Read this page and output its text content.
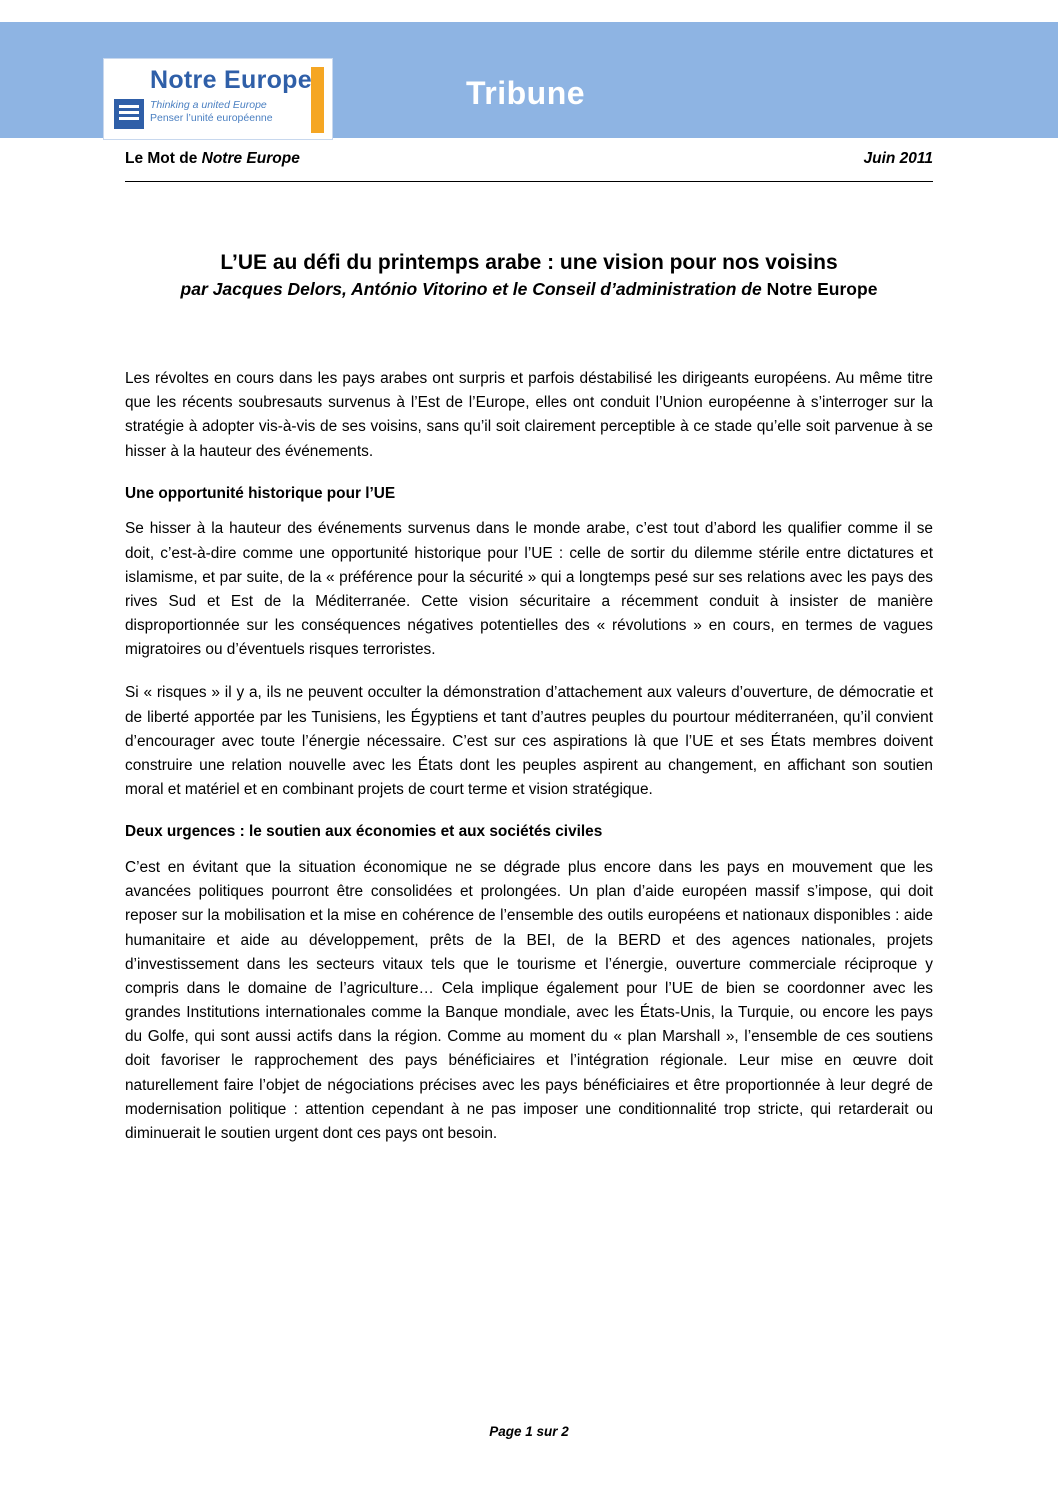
Notre Europe
Thinking a united Europe
Penser l’unité européenne
Tribune
Le Mot de Notre Europe	Juin 2011
L’UE au défi du printemps arabe : une vision pour nos voisins
par Jacques Delors, António Vitorino et le Conseil d’administration de Notre Europe

Les révoltes en cours dans les pays arabes ont surpris et parfois déstabilisé les dirigeants européens. Au même titre que les récents soubresauts survenus à l’Est de l’Europe, elles ont conduit l’Union européenne à s’interroger sur la stratégie à adopter vis-à-vis de ses voisins, sans qu’il soit clairement perceptible à ce stade qu’elle soit parvenue à se hisser à la hauteur des événements.

Une opportunité historique pour l’UE

Se hisser à la hauteur des événements survenus dans le monde arabe, c’est tout d’abord les qualifier comme il se doit, c’est-à-dire comme une opportunité historique pour l’UE : celle de sortir du dilemme stérile entre dictatures et islamisme, et par suite, de la « préférence pour la sécurité » qui a longtemps pesé sur ses relations avec les pays des rives Sud et Est de la Méditerranée. Cette vision sécuritaire a récemment conduit à insister de manière disproportionnée sur les conséquences négatives potentielles des « révolutions » en cours, en termes de vagues migratoires ou d’éventuels risques terroristes.

Si « risques » il y a, ils ne peuvent occulter la démonstration d’attachement aux valeurs d’ouverture, de démocratie et de liberté apportée par les Tunisiens, les Égyptiens et tant d’autres peuples du pourtour méditerranéen, qu’il convient d’encourager avec toute l’énergie nécessaire. C’est sur ces aspirations là que l’UE et ses États membres doivent construire une relation nouvelle avec les États dont les peuples aspirent au changement, en affichant son soutien moral et matériel et en combinant projets de court terme et vision stratégique.

Deux urgences : le soutien aux économies et aux sociétés civiles

C’est en évitant que la situation économique ne se dégrade plus encore dans les pays en mouvement que les avancées politiques pourront être consolidées et prolongées. Un plan d’aide européen massif s’impose, qui doit reposer sur la mobilisation et la mise en cohérence de l’ensemble des outils européens et nationaux disponibles : aide humanitaire et aide au développement, prêts de la BEI, de la BERD et des agences nationales, projets d’investissement dans les secteurs vitaux tels que le tourisme et l’énergie, ouverture commerciale réciproque y compris dans le domaine de l’agriculture… Cela implique également pour l’UE de bien se coordonner avec les grandes Institutions internationales comme la Banque mondiale, avec les États-Unis, la Turquie, ou encore les pays du Golfe, qui sont aussi actifs dans la région. Comme au moment du « plan Marshall », l’ensemble de ces soutiens doit favoriser le rapprochement des pays bénéficiaires et l’intégration régionale. Leur mise en œuvre doit naturellement faire l’objet de négociations précises avec les pays bénéficiaires et être proportionnée à leur degré de modernisation politique : attention cependant à ne pas imposer une conditionnalité trop stricte, qui retarderait ou diminuerait le soutien urgent dont ces pays ont besoin.

Page 1 sur 2
